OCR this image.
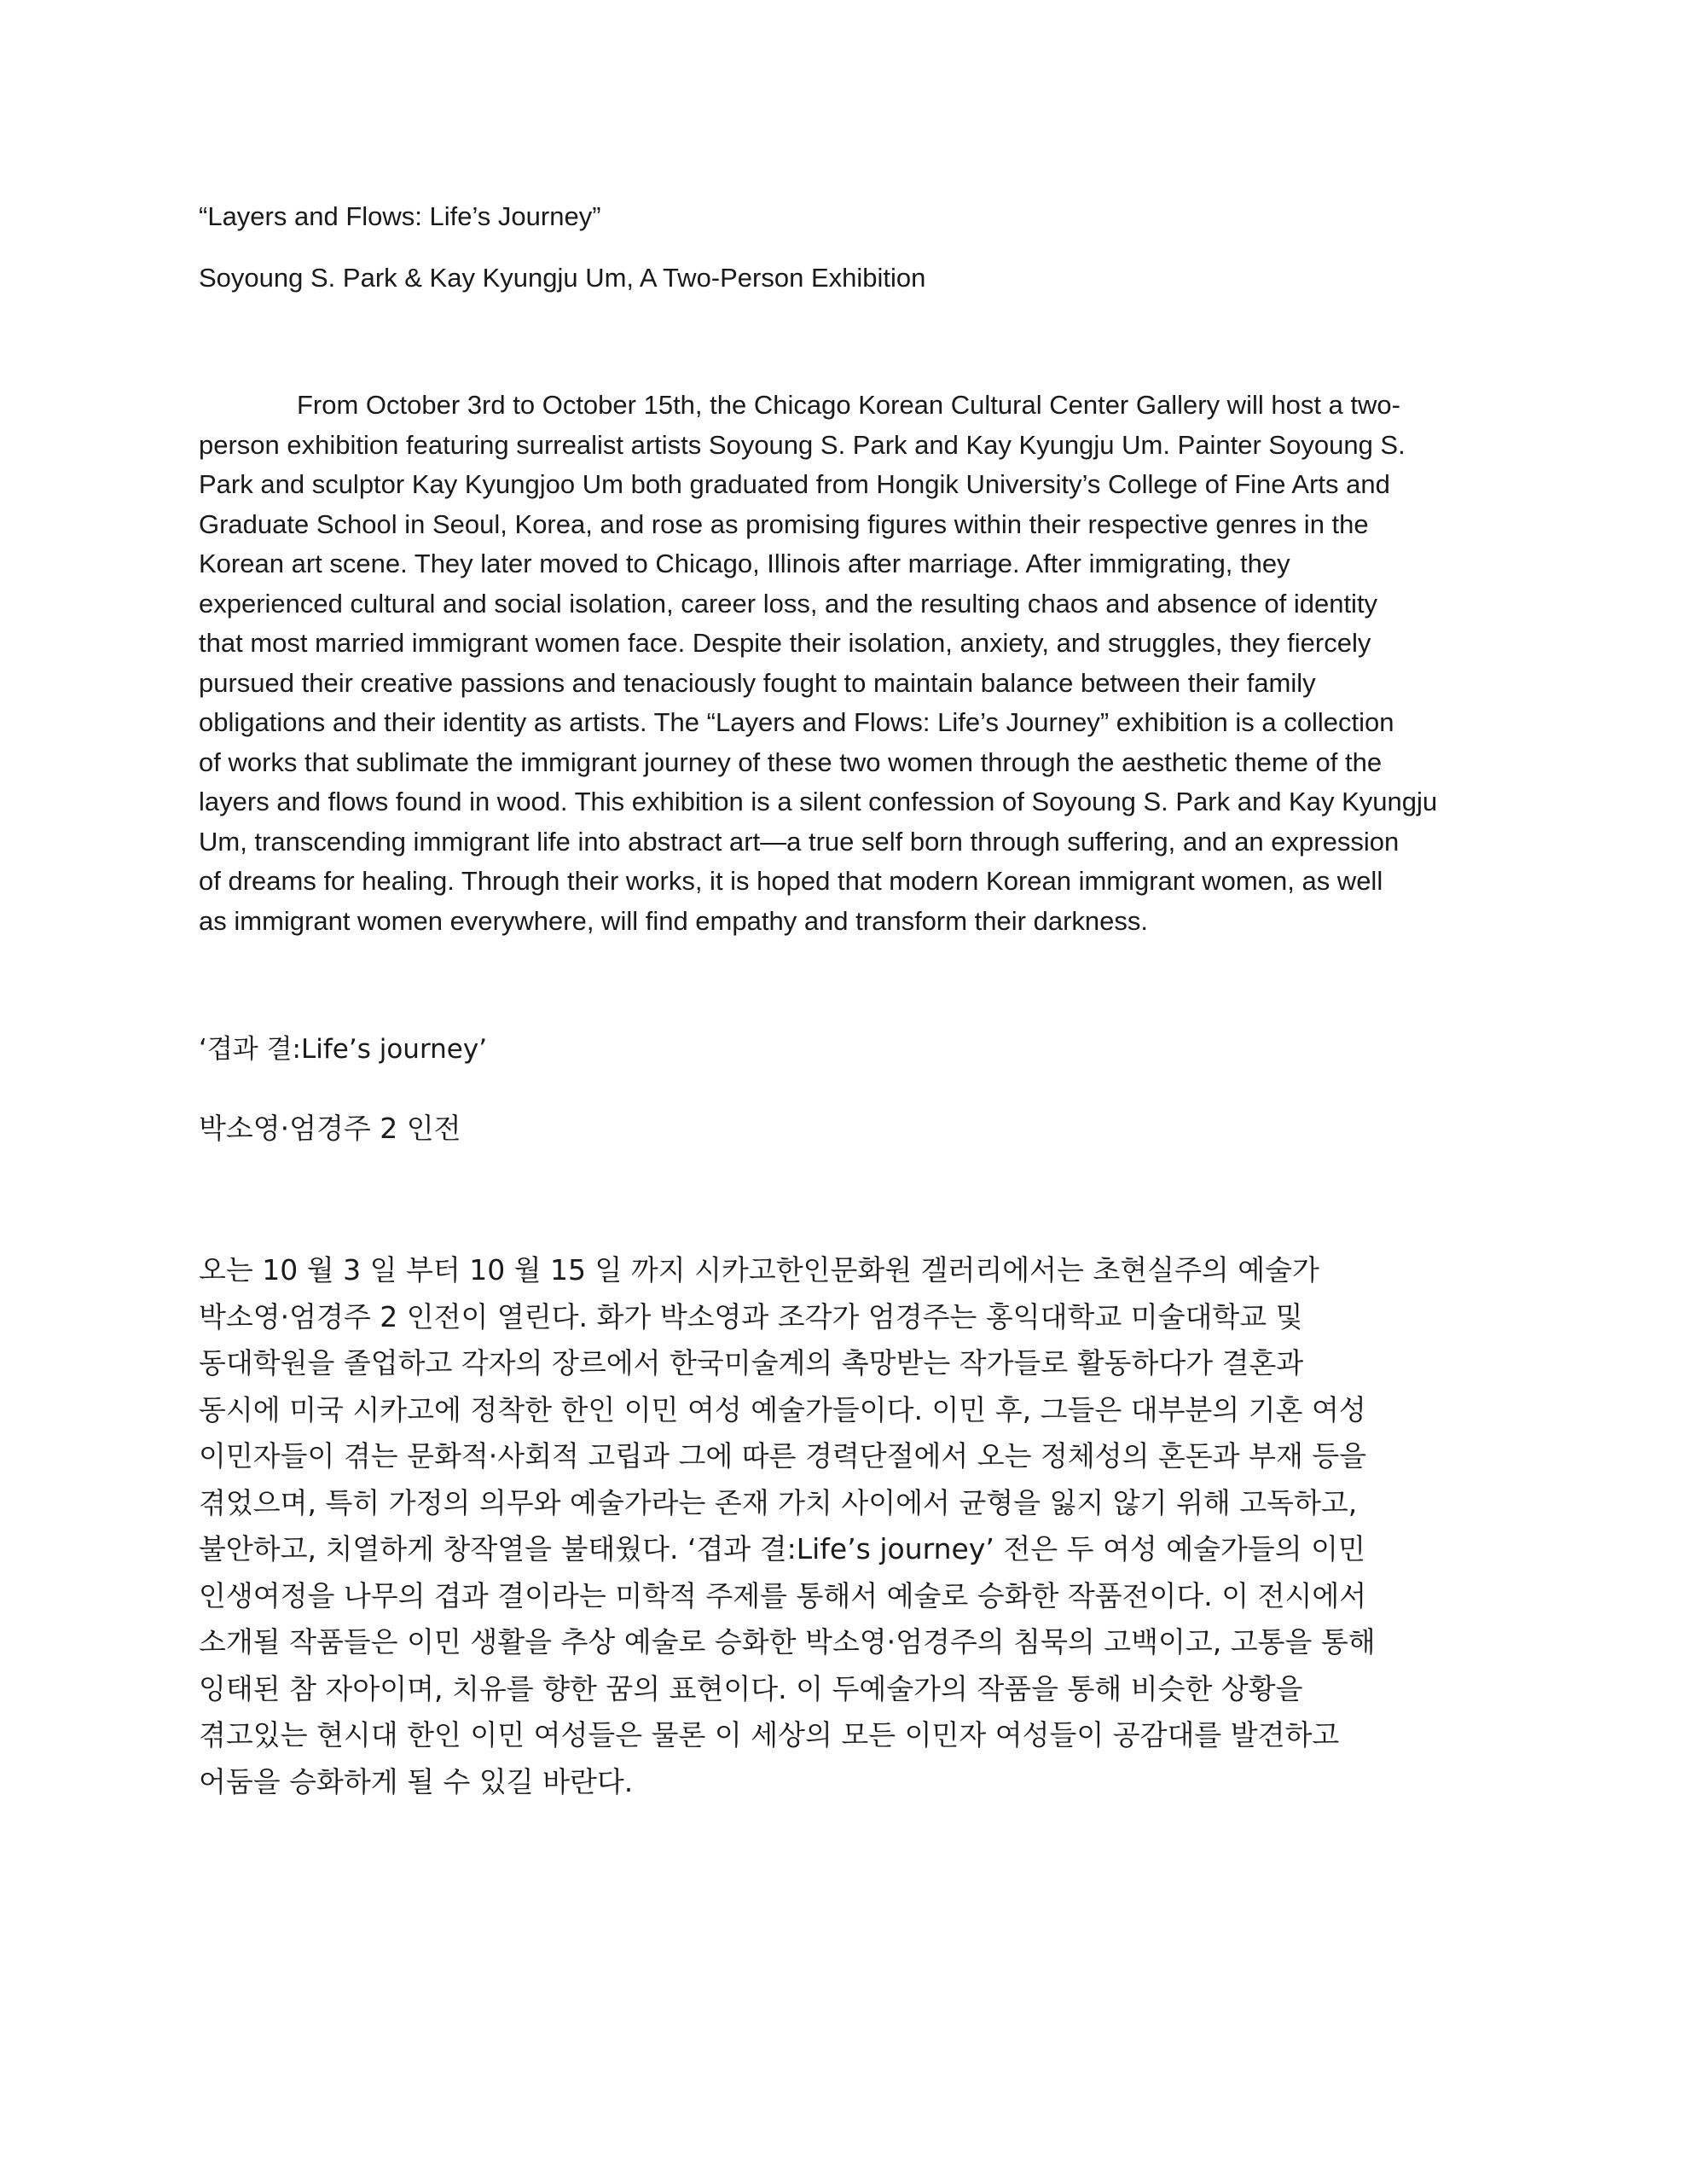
“Layers and Flows: Life’s Journey”
Soyoung S. Park & Kay Kyungju Um, A Two-Person Exhibition
From October 3rd to October 15th, the Chicago Korean Cultural Center Gallery will host a two-
person exhibition featuring surrealist artists Soyoung S. Park and Kay Kyungju Um. Painter Soyoung S.
Park and sculptor Kay Kyungjoo Um both graduated from Hongik University’s College of Fine Arts and
Graduate School in Seoul, Korea, and rose as promising figures within their respective genres in the
Korean art scene. They later moved to Chicago, Illinois after marriage. After immigrating, they
experienced cultural and social isolation, career loss, and the resulting chaos and absence of identity
that most married immigrant women face. Despite their isolation, anxiety, and struggles, they fiercely
pursued their creative passions and tenaciously fought to maintain balance between their family
obligations and their identity as artists. The “Layers and Flows: Life’s Journey” exhibition is a collection
of works that sublimate the immigrant journey of these two women through the aesthetic theme of the
layers and flows found in wood. This exhibition is a silent confession of Soyoung S. Park and Kay Kyungju
Um, transcending immigrant life into abstract art—a true self born through suffering, and an expression
of dreams for healing. Through their works, it is hoped that modern Korean immigrant women, as well
as immigrant women everywhere, will find empathy and transform their darkness.
‘겹과 결:Life’s journey’
박소영·엄경주 2 인전
오는 10 월 3 일 부터 10 월 15 일 까지 시카고한인문화원 겔러리에서는 초현실주의 예술가
박소영·엄경주 2 인전이 열린다. 화가 박소영과 조각가 엄경주는 홍익대학교 미술대학교 및
동대학원을 졸업하고 각자의 장르에서 한국미술계의 촉망받는 작가들로 활동하다가 결혼과
동시에 미국 시카고에 정착한 한인 이민 여성 예술가들이다. 이민 후, 그들은 대부분의 기혼 여성
이민자들이 겪는 문화적·사회적 고립과 그에 따른 경력단절에서 오는 정체성의 혼돈과 부재 등을
겪었으며, 특히 가정의 의무와 예술가라는 존재 가치 사이에서 균형을 잃지 않기 위해 고독하고,
불안하고, 치열하게 창작열을 불태웠다. ‘겹과 결:Life’s journey’ 전은 두 여성 예술가들의 이민
인생여정을 나무의 겹과 결이라는 미학적 주제를 통해서 예술로 승화한 작품전이다. 이 전시에서
소개될 작품들은 이민 생활을 추상 예술로 승화한 박소영·엄경주의 침묵의 고백이고, 고통을 통해
잉태된 참 자아이며, 치유를 향한 꿈의 표현이다. 이 두예술가의 작품을 통해 비슷한 상황을
겪고있는 현시대 한인 이민 여성들은 물론 이 세상의 모든 이민자 여성들이 공감대를 발견하고
어둠을 승화하게 될 수 있길 바란다.
